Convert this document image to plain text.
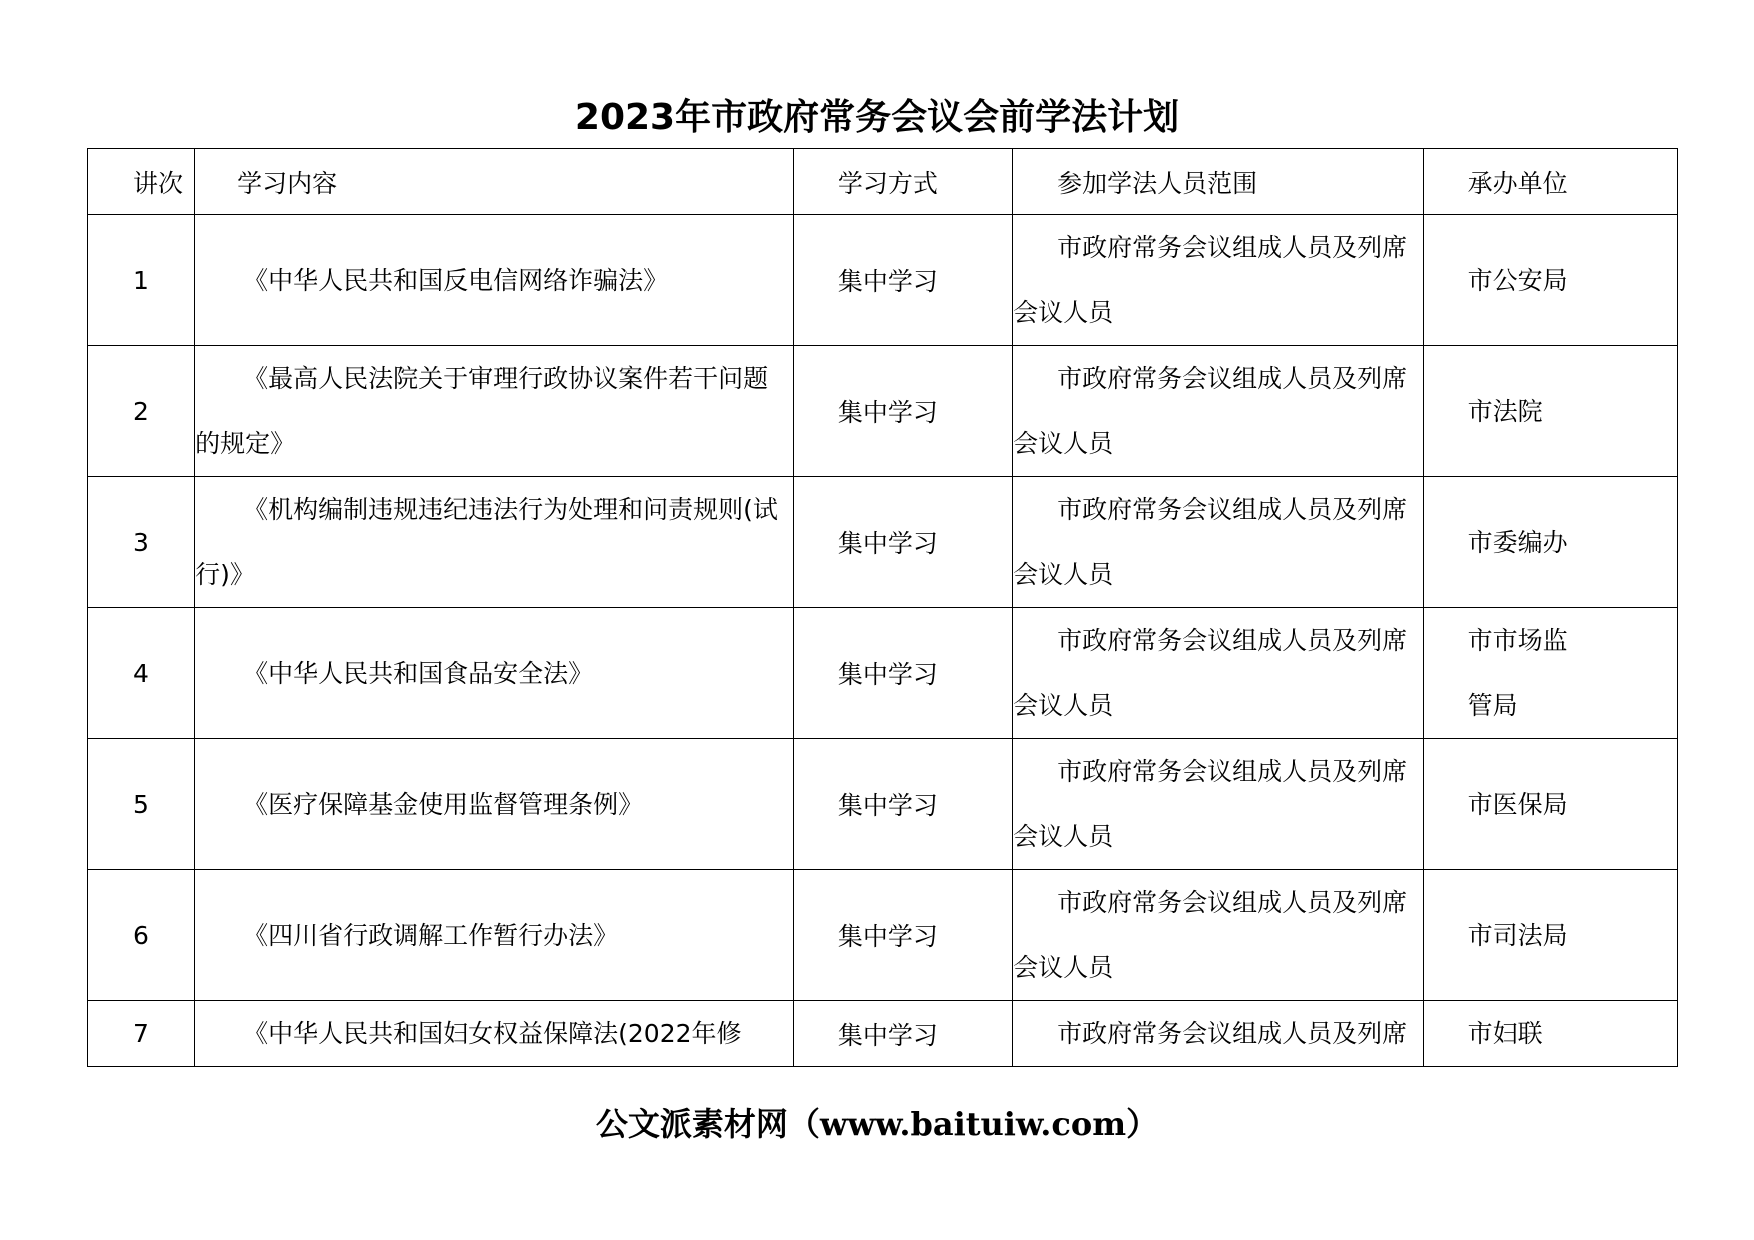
2023年市政府常务会议会前学法计划
讲次	学习内容	学习方式	参加学法人员范围	承办单位
1	《中华人民共和国反电信网络诈骗法》	集中学习	市政府常务会议组成人员及列席会议人员	市公安局

2	《最高人民法院关于审理行政协议案件若干问题的规定》	集中学习	市政府常务会议组成人员及列席会议人员	市法院

3	《机构编制违规违纪违法行为处理和问责规则(试行)》	集中学习	市政府常务会议组成人员及列席会议人员	市委编办

4	《中华人民共和国食品安全法》	集中学习	市政府常务会议组成人员及列席会议人员	市市场监管局

5	《医疗保障基金使用监督管理条例》	集中学习	市政府常务会议组成人员及列席会议人员	市医保局

6	《四川省行政调解工作暂行办法》	集中学习	市政府常务会议组成人员及列席会议人员	市司法局

7	《中华人民共和国妇女权益保障法(2022年修	集中学习	市政府常务会议组成人员及列席	市妇联
公文派素材网（www.baituiw.com）
